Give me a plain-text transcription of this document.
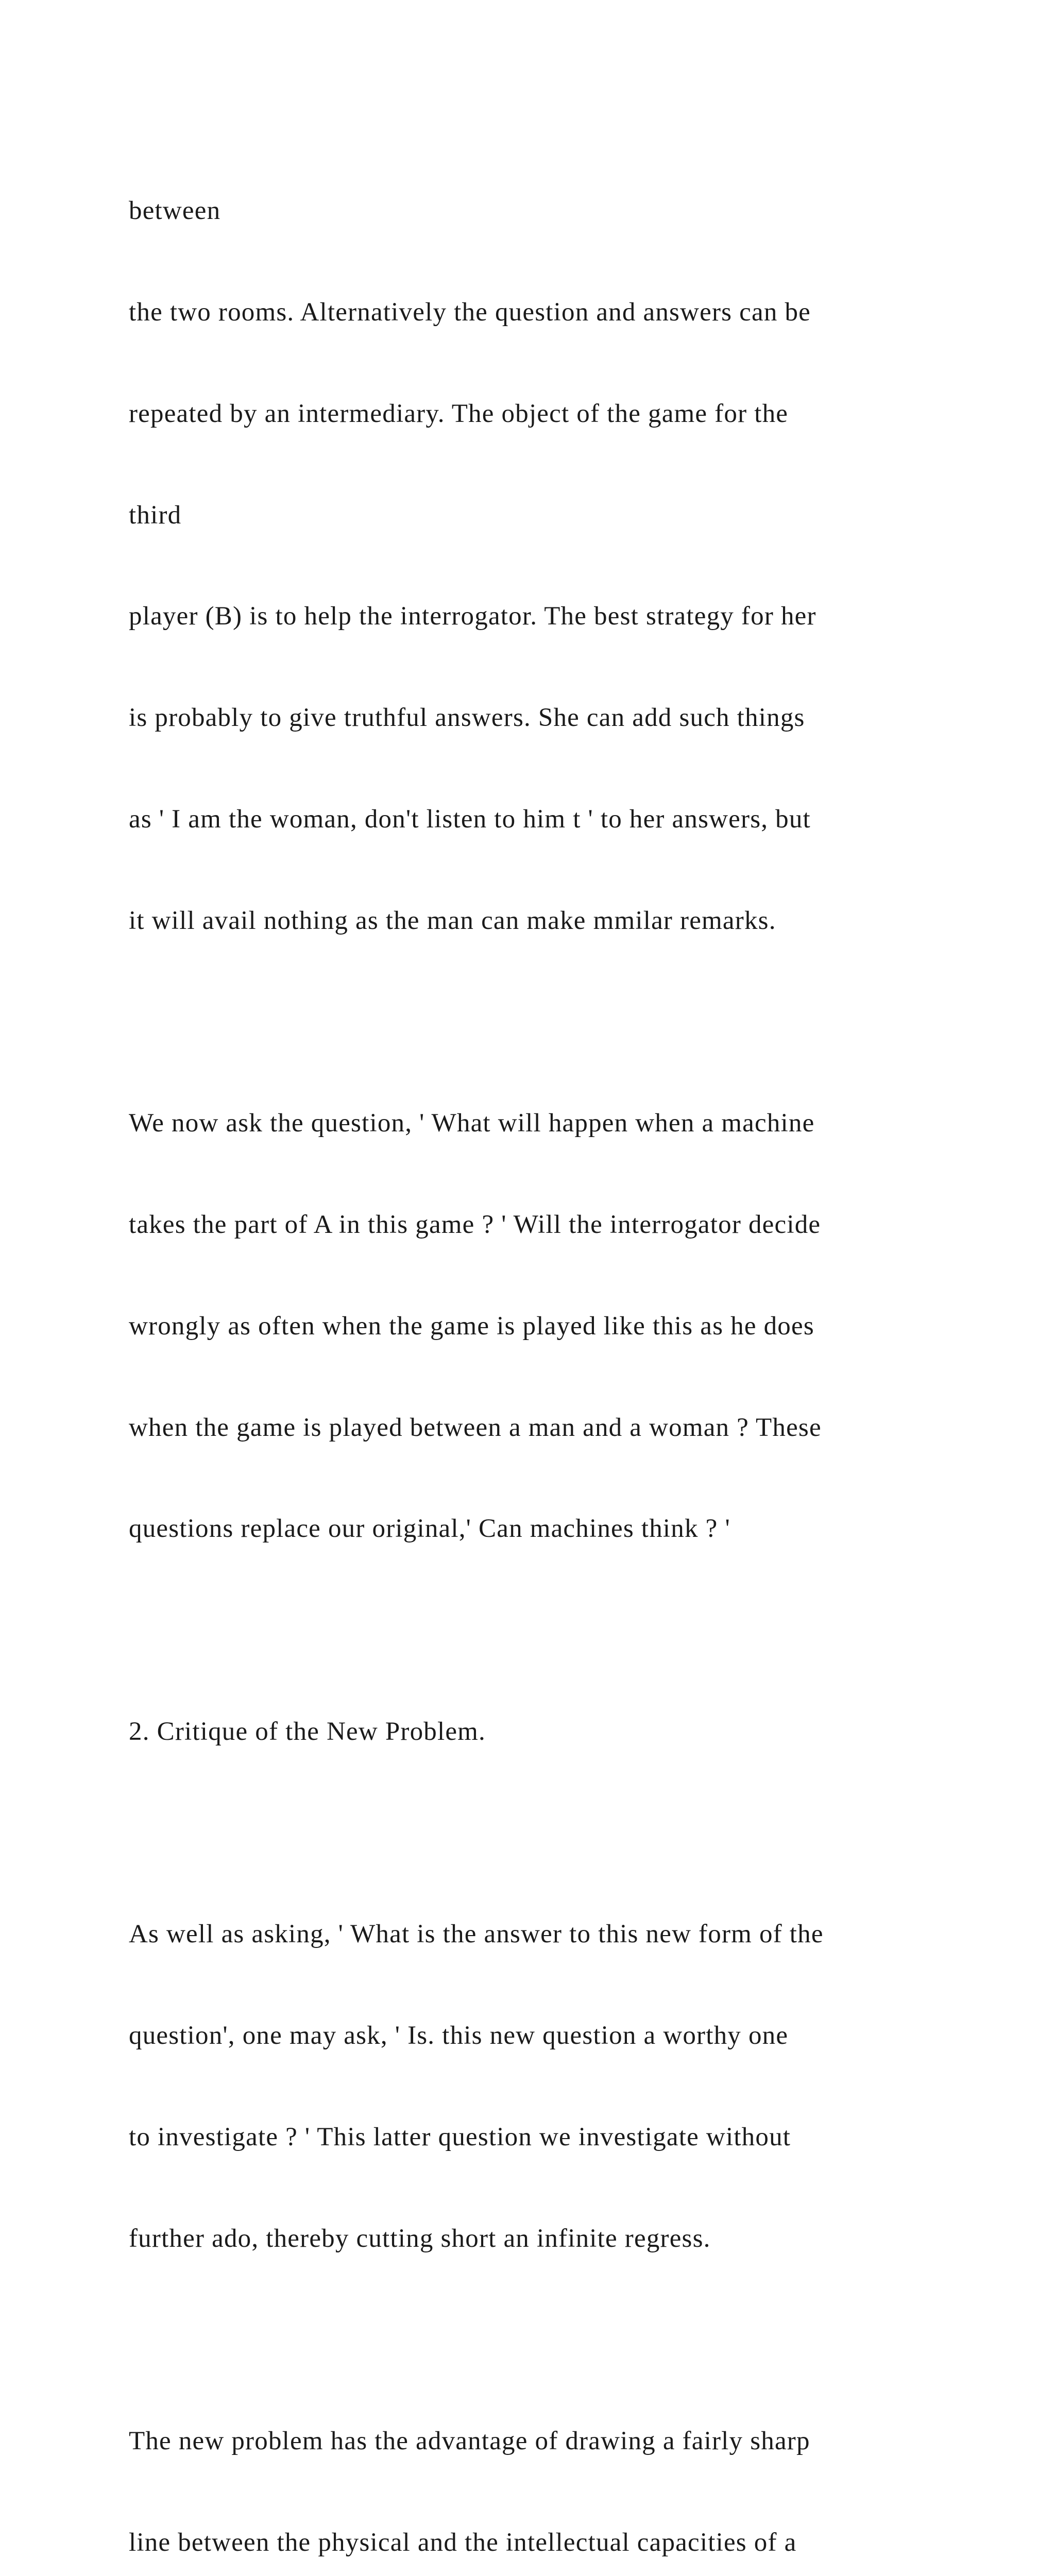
between

the two rooms. Alternatively the question and answers can be

repeated by an intermediary. The object of the game for the

third

player (B) is to help the interrogator. The best strategy for her

is probably to give truthful answers. She can add such things

as ' I am the woman, don't listen to him t ' to her answers, but

it will avail nothing as the man can make mmilar remarks.

We now ask the question, ' What will happen when a machine

takes the part of A in this game ? ' Will the interrogator decide

wrongly as often when the game is played like this as he does

when the game is played between a man and a woman ? These

questions replace our original,' Can machines think ? '

2. Critique of the New Problem.

As well as asking, ' What is the answer to this new form of the

question', one may ask, ' Is. this new question a worthy one

to investigate ? ' This latter question we investigate without

further ado, thereby cutting short an infinite regress.

The new problem has the advantage of drawing a fairly sharp

line between the physical and the intellectual capacities of a
